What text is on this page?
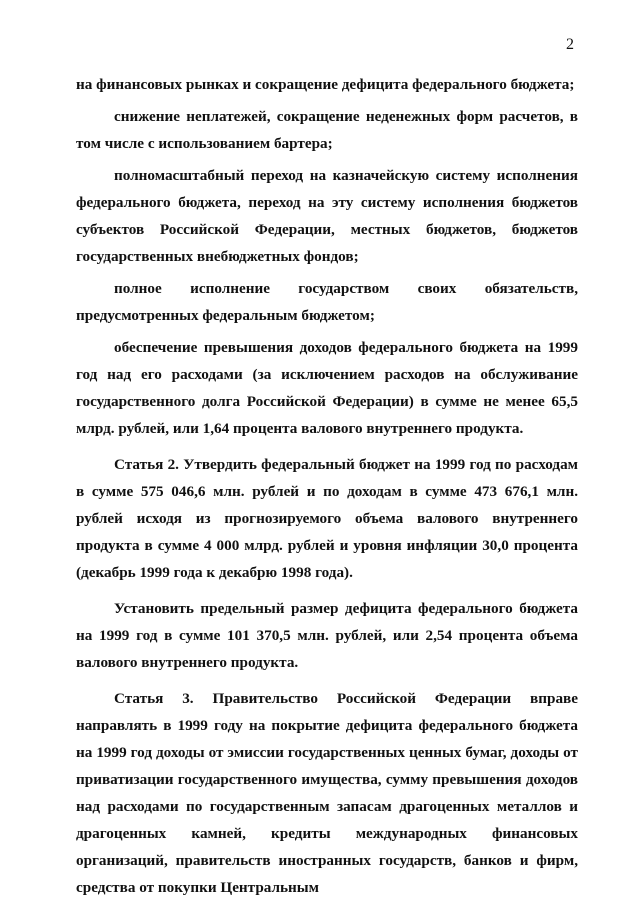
2

на финансовых рынках и сокращение дефицита федерального бюджета;

снижение неплатежей, сокращение неденежных форм расчетов, в том числе с использованием бартера;

полномасштабный переход на казначейскую систему исполнения федерального бюджета, переход на эту систему исполнения бюджетов субъектов Российской Федерации, местных бюджетов, бюджетов государственных внебюджетных фондов;

полное исполнение государством своих обязательств, предусмотренных федеральным бюджетом;

обеспечение превышения доходов федерального бюджета на 1999 год над его расходами (за исключением расходов на обслуживание государственного долга Российской Федерации) в сумме не менее 65,5 млрд. рублей, или 1,64 процента валового внутреннего продукта.

Статья 2. Утвердить федеральный бюджет на 1999 год по расходам в сумме 575 046,6 млн. рублей и по доходам в сумме 473 676,1 млн. рублей исходя из прогнозируемого объема валового внутреннего продукта в сумме 4 000 млрд. рублей и уровня инфляции 30,0 процента (декабрь 1999 года к декабрю 1998 года).

Установить предельный размер дефицита федерального бюджета на 1999 год в сумме 101 370,5 млн. рублей, или 2,54 процента объема валового внутреннего продукта.

Статья 3. Правительство Российской Федерации вправе направлять в 1999 году на покрытие дефицита федерального бюджета на 1999 год доходы от эмиссии государственных ценных бумаг, доходы от приватизации государственного имущества, сумму превышения доходов над расходами по государственным запасам драгоценных металлов и драгоценных камней, кредиты международных финансовых организаций, правительств иностранных государств, банков и фирм, средства от покупки Центральным
